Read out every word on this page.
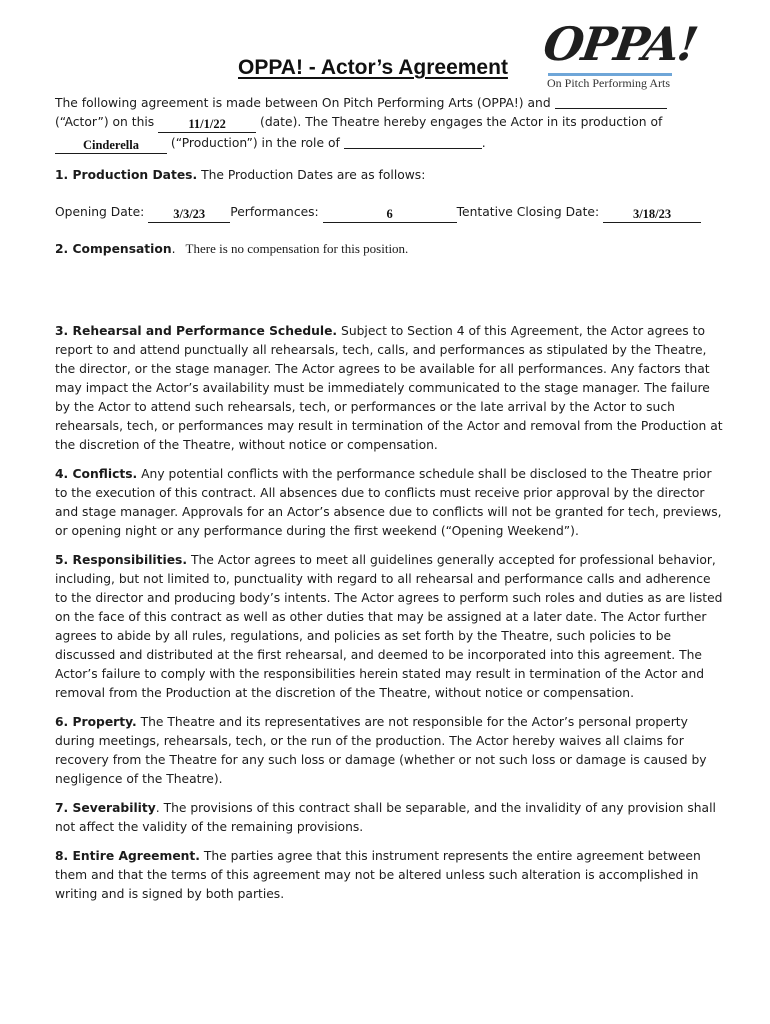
OPPA! - Actor’s Agreement OPPA!
On Pitch Performing Arts

The following agreement is made between On Pitch Performing Arts (OPPA!) and

(“Actor”) on this	11/1/22	(date). The Theatre hereby engages the Actor in its production of

Cinderella	(“Production”) in the role of	.

1. Production Dates. The Production Dates are as follows:

Opening Date: 3/3/23 Performances:	6	Tentative Closing Date: 3/18/23

2. Compensation. There is no compensation for this position.

3. Rehearsal and Performance Schedule. Subject to Section 4 of this Agreement, the Actor agrees to report to and attend punctually all rehearsals, tech, calls, and performances as stipulated by the Theatre, the director, or the stage manager. The Actor agrees to be available for all performances. Any factors that may impact the Actor’s availability must be immediately communicated to the stage manager. The failure by the Actor to attend such rehearsals, tech, or performances or the late arrival by the Actor to such rehearsals, tech, or performances may result in termination of the Actor and removal from the Production at the discretion of the Theatre, without notice or compensation.

4. Conflicts. Any potential conflicts with the performance schedule shall be disclosed to the Theatre prior to the execution of this contract. All absences due to conflicts must receive prior approval by the director and stage manager. Approvals for an Actor’s absence due to conflicts will not be granted for tech, previews, or opening night or any performance during the first weekend (“Opening Weekend”).

5. Responsibilities. The Actor agrees to meet all guidelines generally accepted for professional behavior, including, but not limited to, punctuality with regard to all rehearsal and performance calls and adherence to the director and producing body’s intents. The Actor agrees to perform such roles and duties as are listed on the face of this contract as well as other duties that may be assigned at a later date. The Actor further agrees to abide by all rules, regulations, and policies as set forth by the Theatre, such policies to be discussed and distributed at the first rehearsal, and deemed to be incorporated into this agreement. The Actor’s failure to comply with the responsibilities herein stated may result in termination of the Actor and removal from the Production at the discretion of the Theatre, without notice or compensation.

6. Property. The Theatre and its representatives are not responsible for the Actor’s personal property during meetings, rehearsals, tech, or the run of the production. The Actor hereby waives all claims for recovery from the Theatre for any such loss or damage (whether or not such loss or damage is caused by negligence of the Theatre).

7. Severability. The provisions of this contract shall be separable, and the invalidity of any provision shall not affect the validity of the remaining provisions.

8. Entire Agreement. The parties agree that this instrument represents the entire agreement between them and that the terms of this agreement may not be altered unless such alteration is accomplished in writing and is signed by both parties.
